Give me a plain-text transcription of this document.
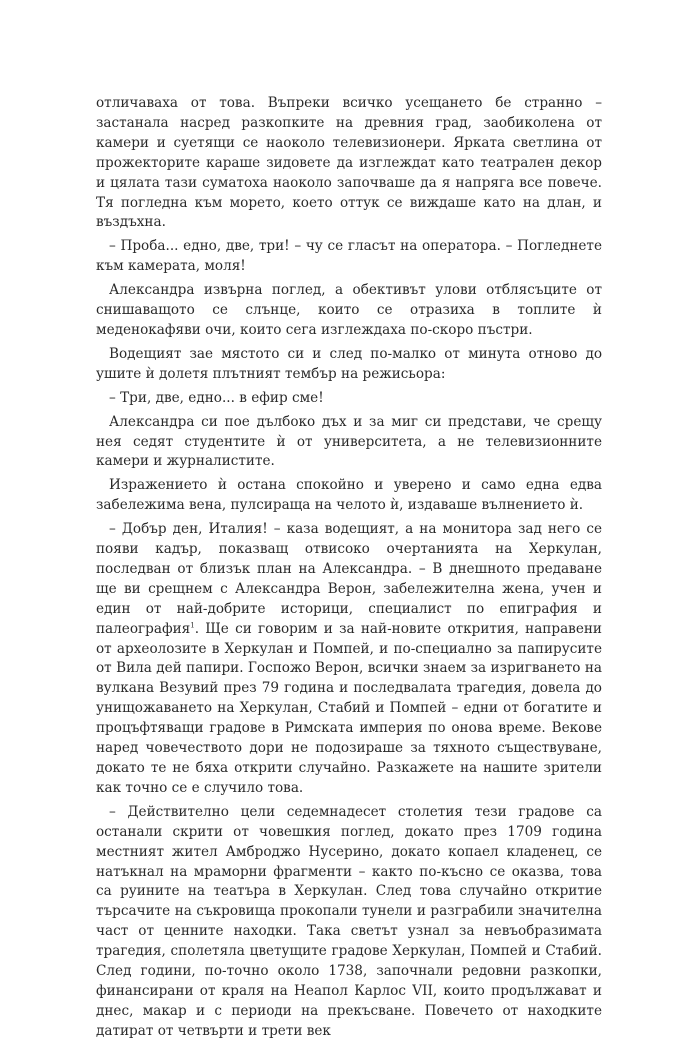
отличаваха от това. Въпреки всичко усещането бе странно – застанала насред разкопките на древния град, заобиколена от камери и суетящи се наоколо телевизионери. Ярката светлина от прожекторите караше зидовете да изглеждат като театрален декор и цялата тази суматоха наоколо започваше да я напряга все повече. Тя погледна към морето, което оттук се виждаше като на длан, и въздъхна.

– Проба... едно, две, три! – чу се гласът на оператора. – Погледнете към камерата, моля!

Александра извърна поглед, а обективът улови отблясъците от снишаващото се слънце, които се отразиха в топлите ѝ меденокафяви очи, които сега изглеждаха по-скоро пъстри.

Водещият зае мястото си и след по-малко от минута отново до ушите ѝ долетя плътният тембър на режисьора:

– Три, две, едно... в ефир сме!

Александра си пое дълбоко дъх и за миг си представи, че срещу нея седят студентите ѝ от университета, а не телевизионните камери и журналистите.

Изражението ѝ остана спокойно и уверено и само една едва забележима вена, пулсираща на челото ѝ, издаваше вълнението ѝ.

– Добър ден, Италия! – каза водещият, а на монитора зад него се появи кадър, показващ отвисоко очертанията на Херкулан, последван от близък план на Александра. – В днешното предаване ще ви срещнем с Александра Верон, забележителна жена, учен и един от най-добрите историци, специалист по епиграфия и палеография$^1$. Ще си говорим и за най-новите открития, направени от археолозите в Херкулан и Помпей, и по-специално за папирусите от Вила дей папири. Госпожо Верон, всички знаем за изригването на вулкана Везувий през 79 година и последвалата трагедия, довела до унищожаването на Херкулан, Стабий и Помпей – едни от богатите и процъфтяващи градове в Римската империя по онова време. Векове наред човечеството дори не подозираше за тяхното съществуване, докато те не бяха открити случайно. Разкажете на нашите зрители как точно се е случило това.

– Действително цели седемнадесет столетия тези градове са останали скрити от човешкия поглед, докато през 1709 година местният жител Амброджо Нусерино, докато копаел кладенец, се натъкнал на мраморни фрагменти – както по-късно се оказва, това са руините на театъра в Херкулан. След това случайно откритие търсачите на съкровища прокопали тунели и разграбили значителна част от ценните находки. Така светът узнал за невъобразимата трагедия, сполетяла цветущите градове Херкулан, Помпей и Стабий. След години, по-точно около 1738, започнали редовни разкопки, финансирани от краля на Неапол Карлос VII, които продължават и днес, макар и с периоди на прекъсване. Повечето от находките датират от четвърти и трети век
